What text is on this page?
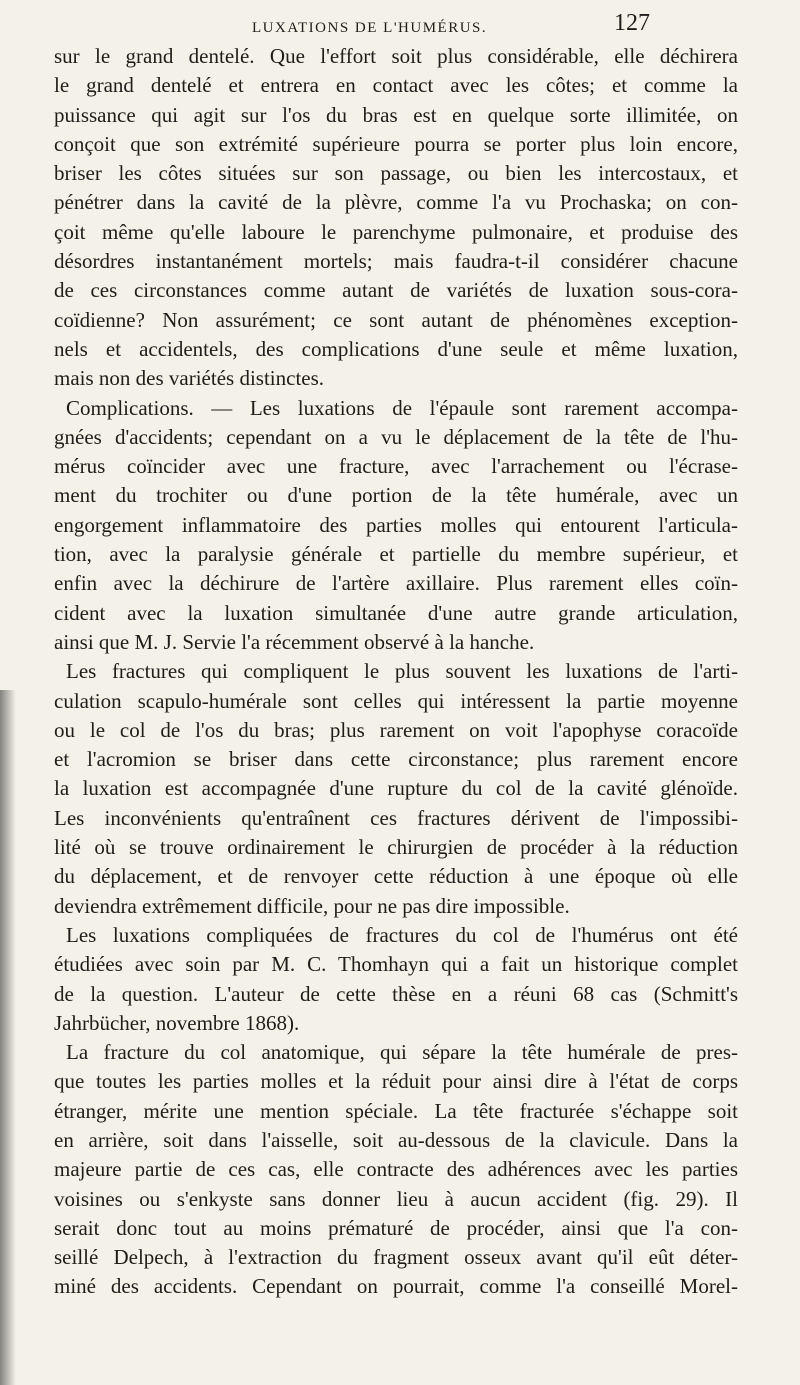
LUXATIONS DE L'HUMÉRUS.	127
sur le grand dentelé. Que l'effort soit plus considérable, elle déchirera
le grand dentelé et entrera en contact avec les côtes; et comme la
puissance qui agit sur l'os du bras est en quelque sorte illimitée, on
conçoit que son extrémité supérieure pourra se porter plus loin encore,
briser les côtes situées sur son passage, ou bien les intercostaux, et
pénétrer dans la cavité de la plèvre, comme l'a vu Prochaska; on con-
çoit même qu'elle laboure le parenchyme pulmonaire, et produise des
désordres instantanément mortels; mais faudra-t-il considérer chacune
de ces circonstances comme autant de variétés de luxation sous-cora-
coïdienne? Non assurément; ce sont autant de phénomènes exception-
nels et accidentels, des complications d'une seule et même luxation,
mais non des variétés distinctes.
Complications. — Les luxations de l'épaule sont rarement accompa-
gnées d'accidents; cependant on a vu le déplacement de la tête de l'hu-
mérus coïncider avec une fracture, avec l'arrachement ou l'écrase-
ment du trochiter ou d'une portion de la tête humérale, avec un
engorgement inflammatoire des parties molles qui entourent l'articula-
tion, avec la paralysie générale et partielle du membre supérieur, et
enfin avec la déchirure de l'artère axillaire. Plus rarement elles coïn-
cident avec la luxation simultanée d'une autre grande articulation,
ainsi que M. J. Servie l'a récemment observé à la hanche.
Les fractures qui compliquent le plus souvent les luxations de l'arti-
culation scapulo-humérale sont celles qui intéressent la partie moyenne
ou le col de l'os du bras; plus rarement on voit l'apophyse coracoïde
et l'acromion se briser dans cette circonstance; plus rarement encore
la luxation est accompagnée d'une rupture du col de la cavité glénoïde.
Les inconvénients qu'entraînent ces fractures dérivent de l'impossibi-
lité où se trouve ordinairement le chirurgien de procéder à la réduction
du déplacement, et de renvoyer cette réduction à une époque où elle
deviendra extrêmement difficile, pour ne pas dire impossible.
Les luxations compliquées de fractures du col de l'humérus ont été
étudiées avec soin par M. C. Thomhayn qui a fait un historique complet
de la question. L'auteur de cette thèse en a réuni 68 cas (Schmitt's
Jahrbücher, novembre 1868).
La fracture du col anatomique, qui sépare la tête humérale de pres-
que toutes les parties molles et la réduit pour ainsi dire à l'état de corps
étranger, mérite une mention spéciale. La tête fracturée s'échappe soit
en arrière, soit dans l'aisselle, soit au-dessous de la clavicule. Dans la
majeure partie de ces cas, elle contracte des adhérences avec les parties
voisines ou s'enkyste sans donner lieu à aucun accident (fig. 29). Il
serait donc tout au moins prématuré de procéder, ainsi que l'a con-
seillé Delpech, à l'extraction du fragment osseux avant qu'il eût déter-
miné des accidents. Cependant on pourrait, comme l'a conseillé Morel-
